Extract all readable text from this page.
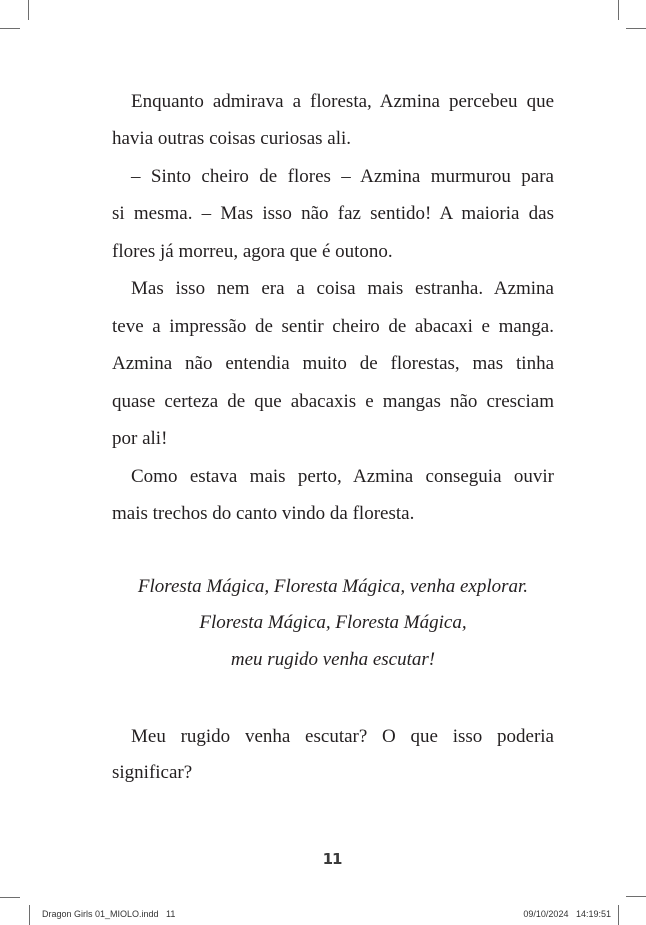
Enquanto admirava a floresta, Azmina percebeu que
havia outras coisas curiosas ali.
– Sinto cheiro de flores – Azmina murmurou para
si mesma. – Mas isso não faz sentido! A maioria das
flores já morreu, agora que é outono.
Mas isso nem era a coisa mais estranha. Azmina
teve a impressão de sentir cheiro de abacaxi e manga.
Azmina não entendia muito de florestas, mas tinha
quase certeza de que abacaxis e mangas não cresciam
por ali!
Como estava mais perto, Azmina conseguia ouvir
mais trechos do canto vindo da floresta.
Floresta Mágica, Floresta Mágica, venha explorar.
Floresta Mágica, Floresta Mágica,
meu rugido venha escutar!
Meu rugido venha escutar? O que isso poderia
significar?
11
Dragon Girls 01_MIOLO.indd   11	09/10/2024   14:19:51
